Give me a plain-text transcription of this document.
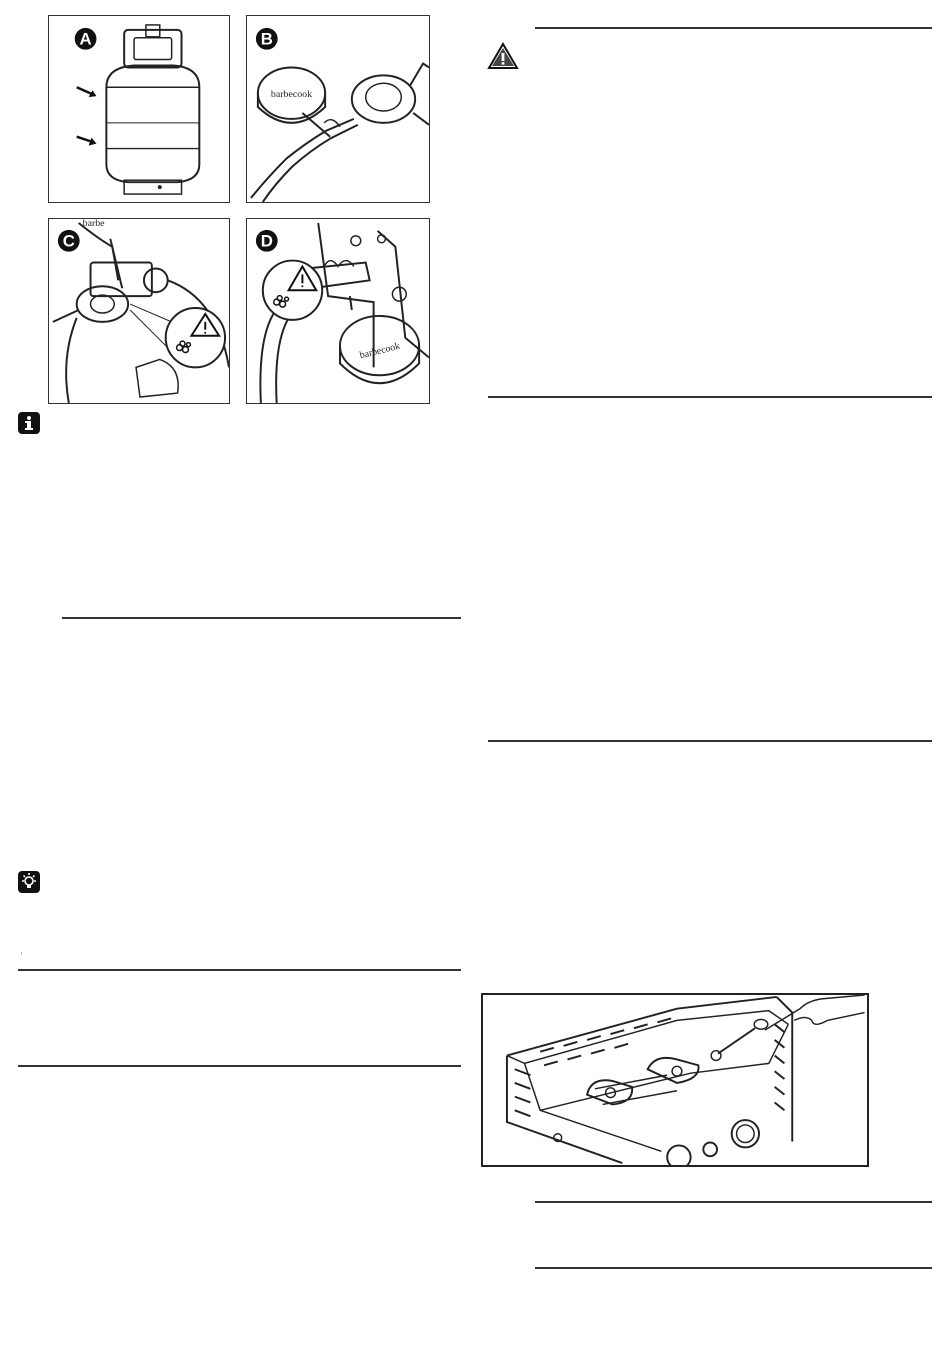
A	B
barbecook
C
barbe
D
barbecook
